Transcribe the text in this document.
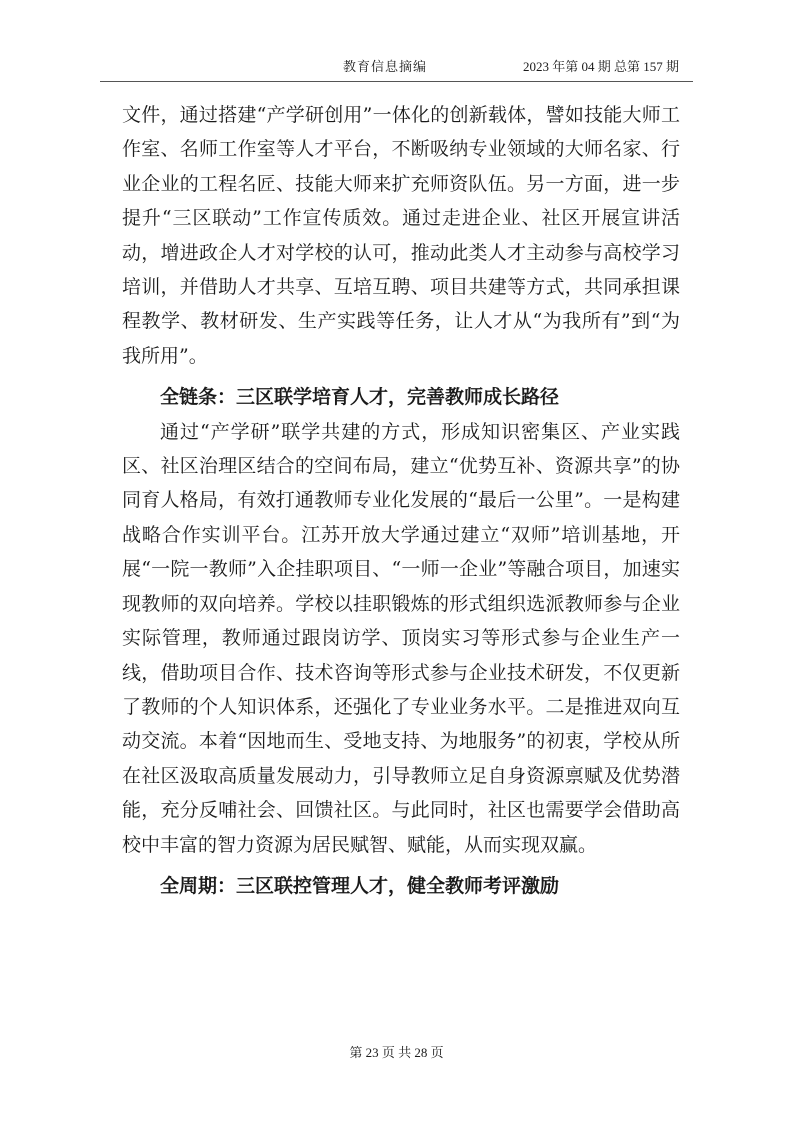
教育信息摘编	2023 年第 04 期 总第 157 期

文件，通过搭建“产学研创用”一体化的创新载体，譬如技能大师工作室、名师工作室等人才平台，不断吸纳专业领域的大师名家、行业企业的工程名匠、技能大师来扩充师资队伍。另一方面，进一步提升“三区联动”工作宣传质效。通过走进企业、社区开展宣讲活动，增进政企人才对学校的认可，推动此类人才主动参与高校学习培训，并借助人才共享、互培互聘、项目共建等方式，共同承担课程教学、教材研发、生产实践等任务，让人才从“为我所有”到“为我所用”。

全链条：三区联学培育人才，完善教师成长路径

通过“产学研”联学共建的方式，形成知识密集区、产业实践区、社区治理区结合的空间布局，建立“优势互补、资源共享”的协同育人格局，有效打通教师专业化发展的“最后一公里”。一是构建战略合作实训平台。江苏开放大学通过建立“双师”培训基地，开展“一院一教师”入企挂职项目、“一师一企业”等融合项目，加速实现教师的双向培养。学校以挂职锻炼的形式组织选派教师参与企业实际管理，教师通过跟岗访学、顶岗实习等形式参与企业生产一线，借助项目合作、技术咨询等形式参与企业技术研发，不仅更新了教师的个人知识体系，还强化了专业业务水平。二是推进双向互动交流。本着“因地而生、受地支持、为地服务”的初衷，学校从所在社区汲取高质量发展动力，引导教师立足自身资源禀赋及优势潜能，充分反哺社会、回馈社区。与此同时，社区也需要学会借助高校中丰富的智力资源为居民赋智、赋能，从而实现双赢。

全周期：三区联控管理人才，健全教师考评激励
第 23 页 共 28 页
